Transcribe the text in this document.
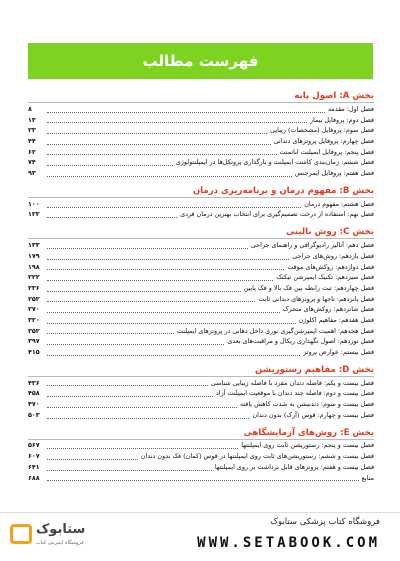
فهرست مطالب
بخش A: اصول پایه
فصل اول: مقدمه
۸
فصل دوم: پروفایل بیمار
۱۳
فصل سوم: پروفایل (مشخصات) زیبایی
۲۳
فصل چهارم: پروفایل پروتزهای دندانی
۴۴
فصل پنجم: پروفایل ایمپلنت اباتمنت
۶۲
فصل ششم: زمان‌بندی کاشت ایمپلنت و بارگذاری پروتکل‌ها در ایمپلنتولوژی
۷۴
فصل هفتم: پروفایل ایمرجنس
۹۳
بخش B: مفهوم درمان و برنامه‌ریزی درمان
فصل هشتم: مفهوم درمان
۱۰۰
فصل نهم: استفاده از درخت تصمیم‌گیری برای انتخاب بهترین درمان فردی
۱۲۲
بخش C: روش بالینی
فصل دهم: آنالیز رادیوگرافی و راهنمای جراحی
۱۳۳
فصل یازدهم: روش‌های جراحی
۱۷۹
فصل دوازدهم: روکش‌های موقت
۱۹۸
فصل سیزدهم: تکنیک ایمپرشن تیکنک
۲۲۲
فصل چهاردهم: ثبت رابطه بین فک بالا و فک پایین
۲۳۶
فصل پانزدهم: تاجها و پروتزهای دندانی ثابت
۲۵۲
فصل شانزدهم: روکش‌های متحرک
۲۷۰
فصل هفدهم: مفاهیم اکلوژن
۳۲۰
فصل هجدهم: اهمیت ایمپرشن‌گیری نوری داخل دهانی در پروتزهای ایمپلنت
۳۵۲
فصل نوزدهم: اصول نگهداری ریکال و مراقبت‌های بعدی
۳۹۷
فصل بیستم: عوارض پروتز
۴۱۵
بخش D: مفاهیم رستوریشن
فصل بیست و یکم: فاصله دندان مفرد با فاصله زیبایی شناسی
۴۳۶
فصل بیست و دوم: فاصله چند دندان با موقعیت ایمپلنت آزاد
۴۵۸
فصل بیست و سوم: دندنیشن به شدت کاهش یافته
۴۷۰
فصل بیست و چهارم: قوس (آرک) بدون دندان
۵۰۳
بخش E: روش‌های آزمایشگاهی
فصل بیست و پنجم: رستوریشن ثابت روی ایمپلنتها
۵۶۷
فصل بیست و ششم: رستوریشن‌های ثابت روی ایمپلنتها در قوس (کمان) فک بدون دندان
۶۰۷
فصل بیست و هفتم: پروتزهای قابل برداشت بر روی ایمپلنتها
۶۴۱
منابع
۶۸۸
ستابوک
فروشگاه اینترنتی کتاب
فروشگاه کتاب پزشکی ستابوک
WWW.SETABOOK.COM
